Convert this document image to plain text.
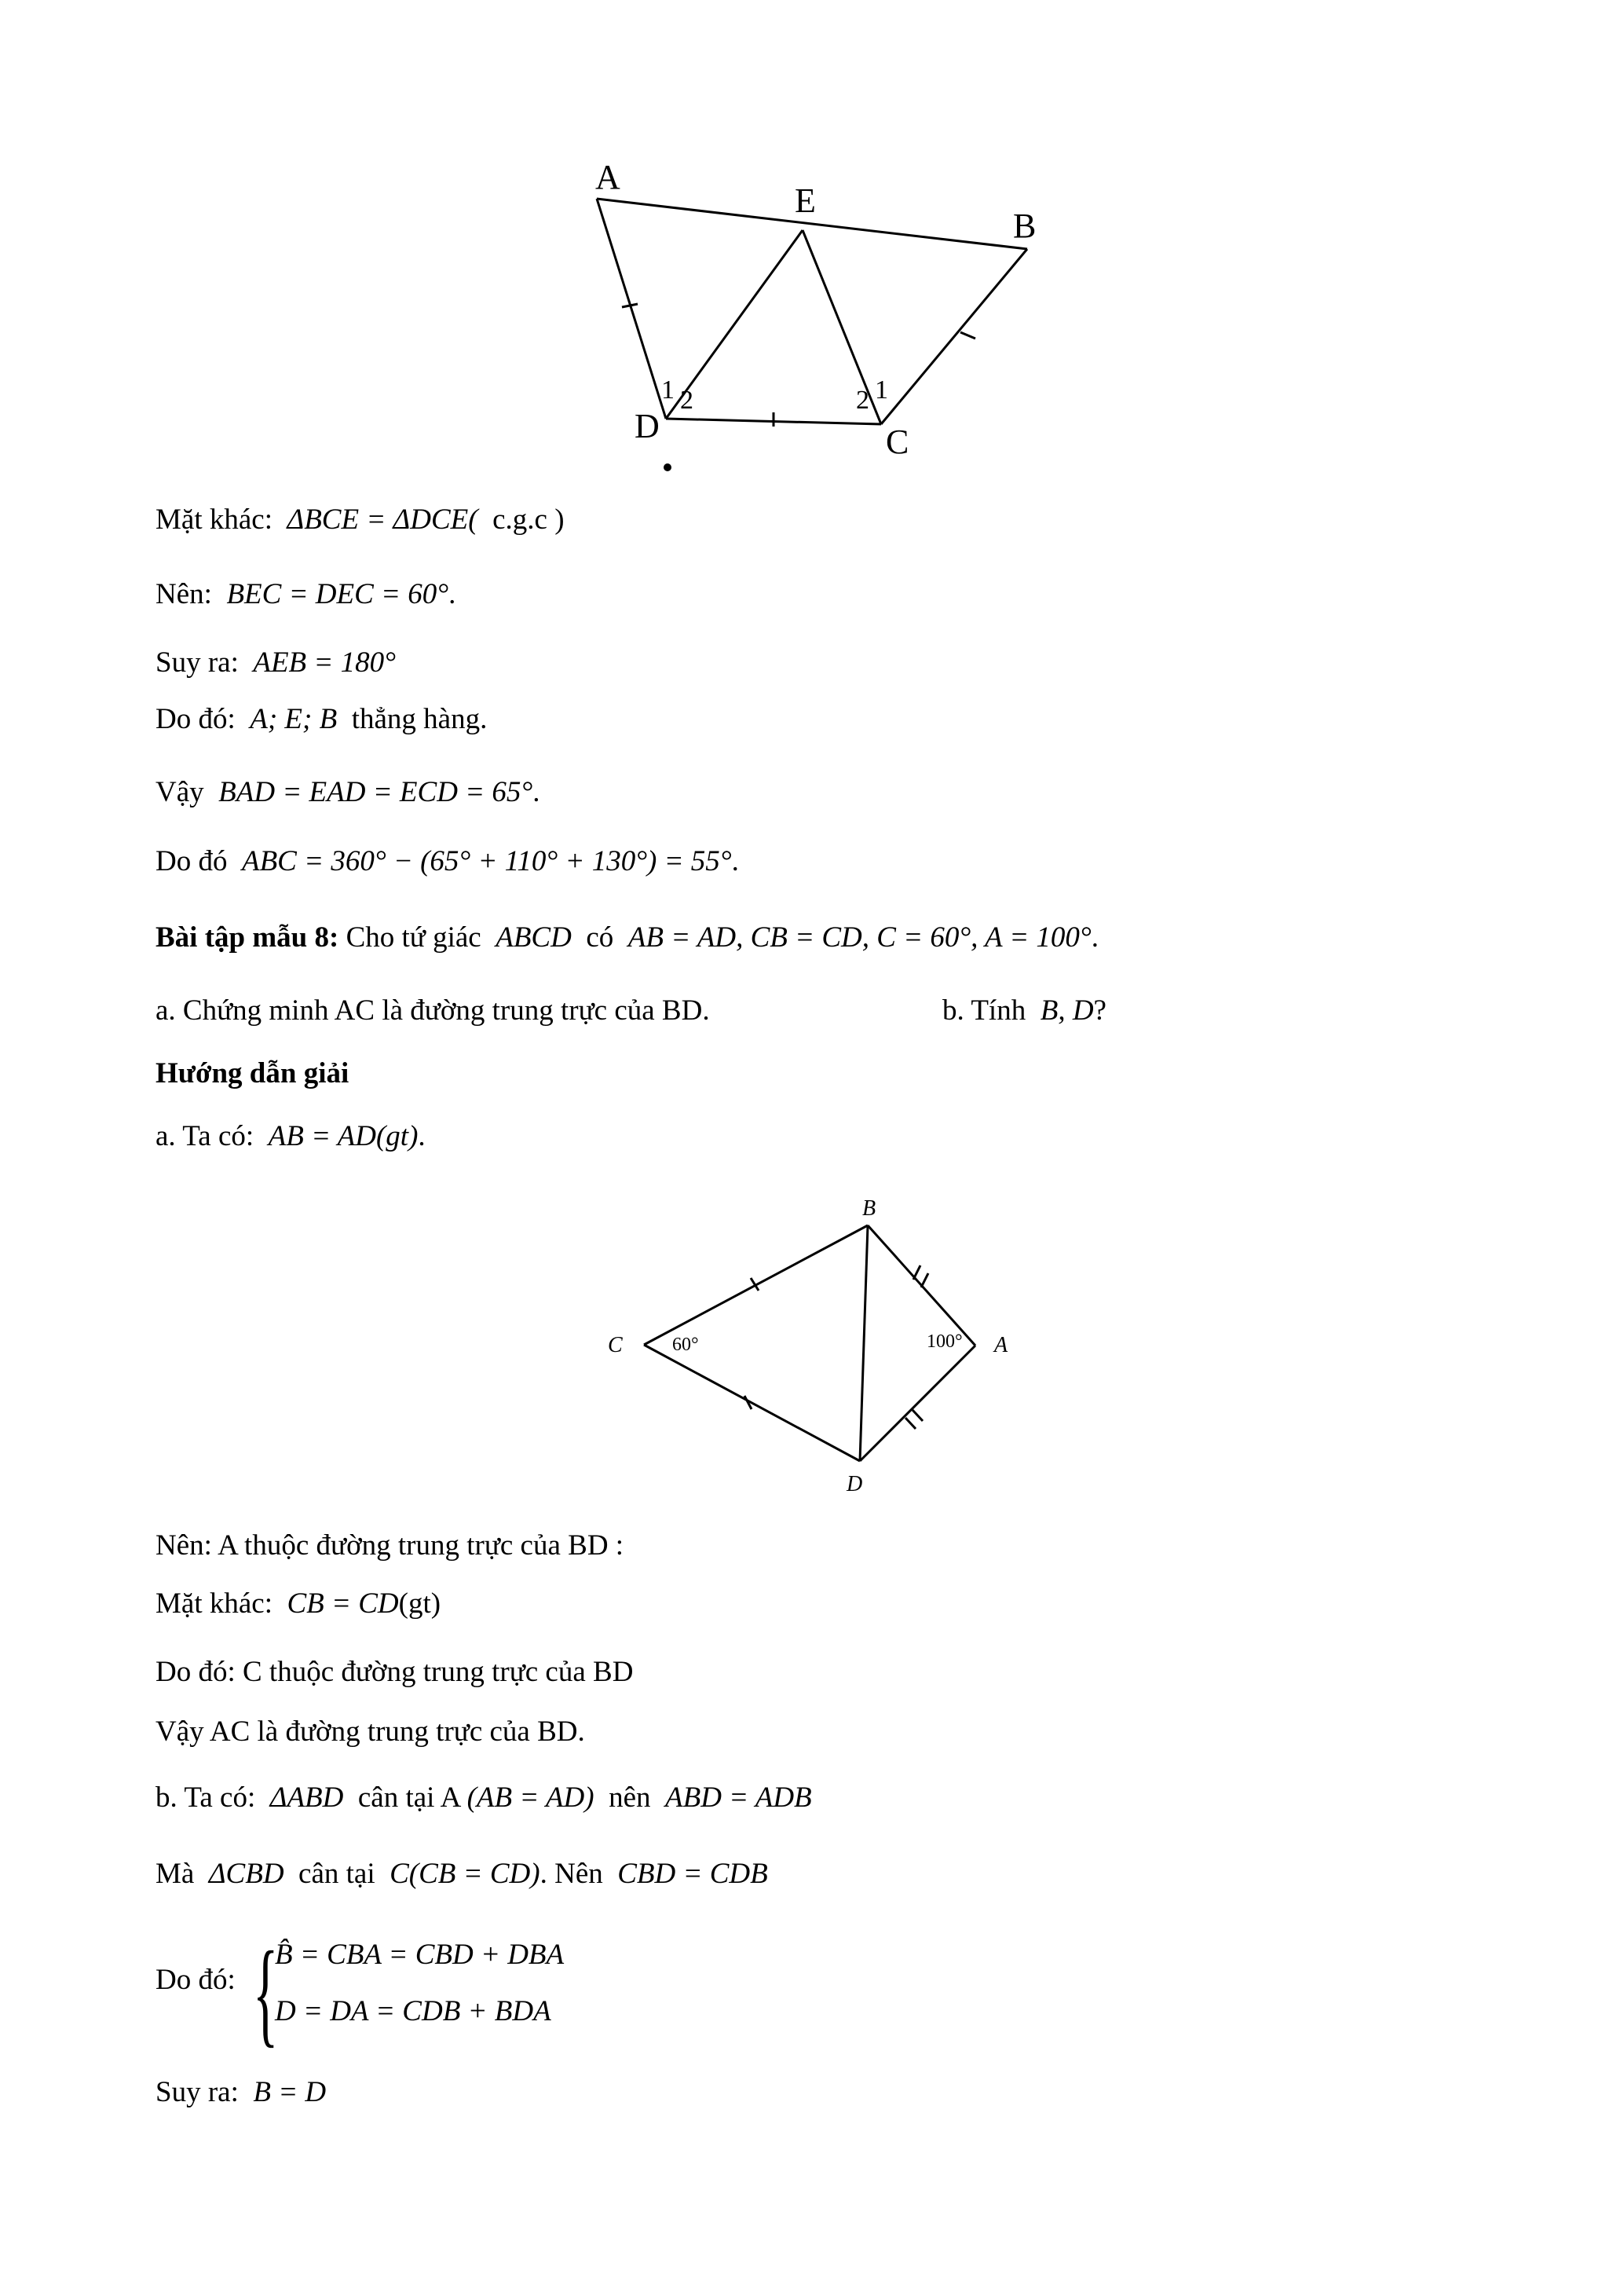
A
E
B
D	C
1 2	2 1
Mặt khác: ΔBCE = ΔDCE( c.g.c )
Nên: BEC = DEC = 60°.
Suy ra: AEB = 180°
Do đó: A; E; B thẳng hàng.
Vậy BAD = EAD = ECD = 65°.
Do đó ABC = 360° − (65° + 110° + 130°) = 55°.
Bài tập mẫu 8: Cho tứ giác ABCD có AB = AD, CB = CD, C = 60°, A = 100°.
a. Chứng minh AC là đường trung trực của BD.	b. Tính B, D?
Hướng dẫn giải
a. Ta có: AB = AD(gt).
B
C	A
D
60°	100°
Nên: A thuộc đường trung trực của BD :
Mặt khác: CB = CD(gt)
Do đó: C thuộc đường trung trực của BD
Vậy AC là đường trung trực của BD.
b. Ta có: ΔABD cân tại A (AB = AD) nên ABD = ADB
Mà ΔCBD cân tại C(CB = CD). Nên CBD = CDB
Do đó: {
B̂ = CBA = CBD + DBA
D = DA = CDB + BDA
Suy ra: B = D
